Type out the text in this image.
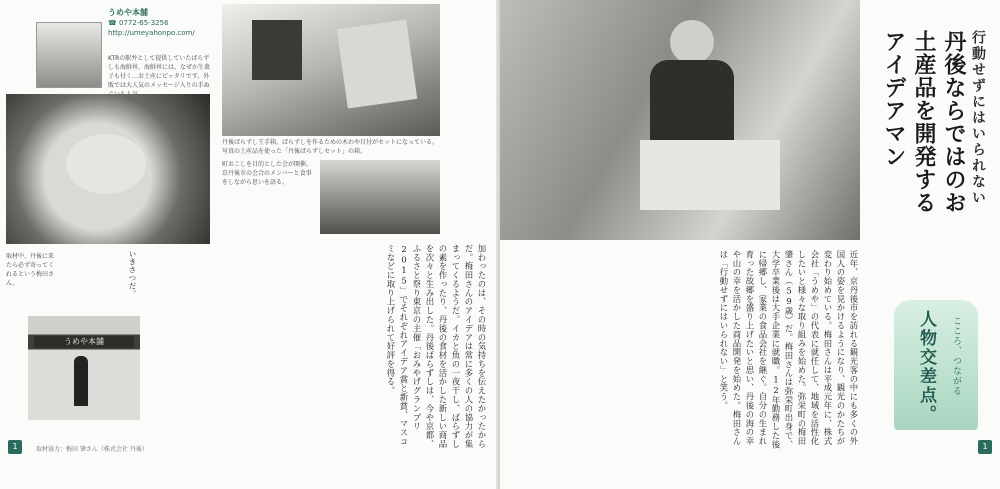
うめや本舗
☎ 0772-65-3256
http://umeyahonpo.com/
KTRの駅弁として提供していたばらずしも海鮮丼、海鮮丼には、なぜか生菓子も付く…お土産にピッタリです。外販では大人気のメッセージ入りの手ぬ
丹後ばらずし王手箱。ばらずしを作るための木わや目付がセットになっている。写真の土産品を使った「丹後ばらずしセット」の箱。
町おこしを目的とした会が開催。京丹後市の会合のメンバーと食事をしながら思いを語る。
取材中、丹後に来たら必ず寄ってくれるという梅田さん。	いきさつだ。	加わったのは、その時の気持ちを伝えたかったからだ。梅田さんのアイデアは常に多くの人の協力が集まってくるようだ。イカと魚の一夜干し、ばらずしの素を作ったり、丹後の食材を活かした新しい商品を次々と生み出した。丹後ばらずしは、今や京都、ふるさと祭り東京の主催「おみやげグランプリ2015」でそれぞれアイデア賞と新賞、マスコミなどに取り上げられて好評を得る。
うめや本舗
取材協力：梅田 肇さん（株式会社 丹後）
1
行動せずにはいられない 丹後ならではのお土産品を開発するアイデアマン
近年、京丹後市を訪れる観光客の中にも多くの外国人の姿を見かけるようになり、観光のかたちが変わり始めている。梅田さんは平成元年に、株式会社「うめや」の代表に就任して、地域を活性化したいと様々な取り組みを始めた。弥栄町の梅田肇さん（59歳）だ。梅田さんは弥栄町出身で、大学卒業後は大手企業に就職。12年勤務した後に帰郷し、家業の食品会社を継ぐ。自分の生まれ育った故郷を盛り上げたいと思い、丹後の海の幸や山の幸を活かした商品開発を始めた。梅田さんは「行動せずにはいられない」と笑う。	こころ、つながる
人物交差点。
1
